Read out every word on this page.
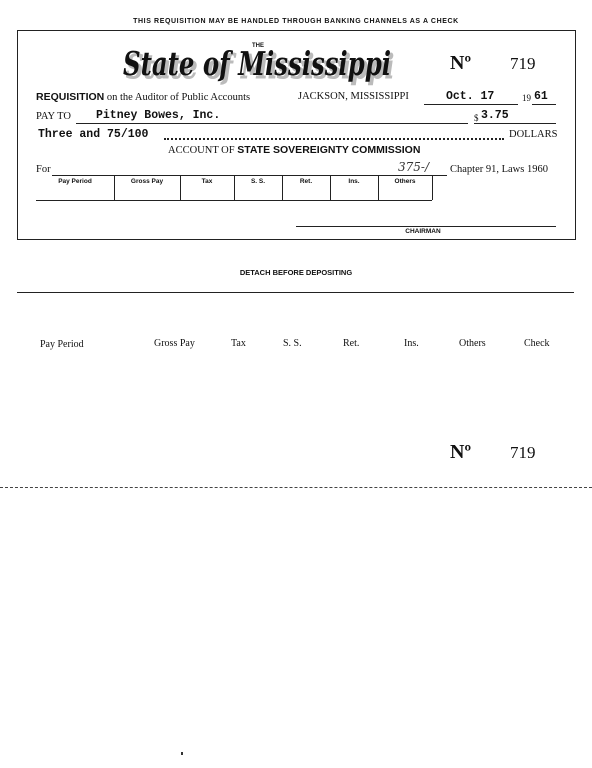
THIS REQUISITION MAY BE HANDLED THROUGH BANKING CHANNELS AS A CHECK
THE
State of Mississippi
State of Mississippi	Nº 719
REQUISITION on the Auditor of Public Accounts	JACKSON, MISSISSIPPI	Oct. 17	19 61
PAY TO Pitney Bowes, Inc.	$ 3.75
Three and 75/100	DOLLARS
ACCOUNT OF STATE SOVEREIGNTY COMMISSION
For	375-/ Chapter 91, Laws 1960
Pay Period	Gross Pay	Tax	S. S.	Ret.	Ins.	Others
CHAIRMAN
DETACH BEFORE DEPOSITING
Pay Period	Gross Pay	Tax	S. S.	Ret.	Ins.	Others	Check
Nº 719
